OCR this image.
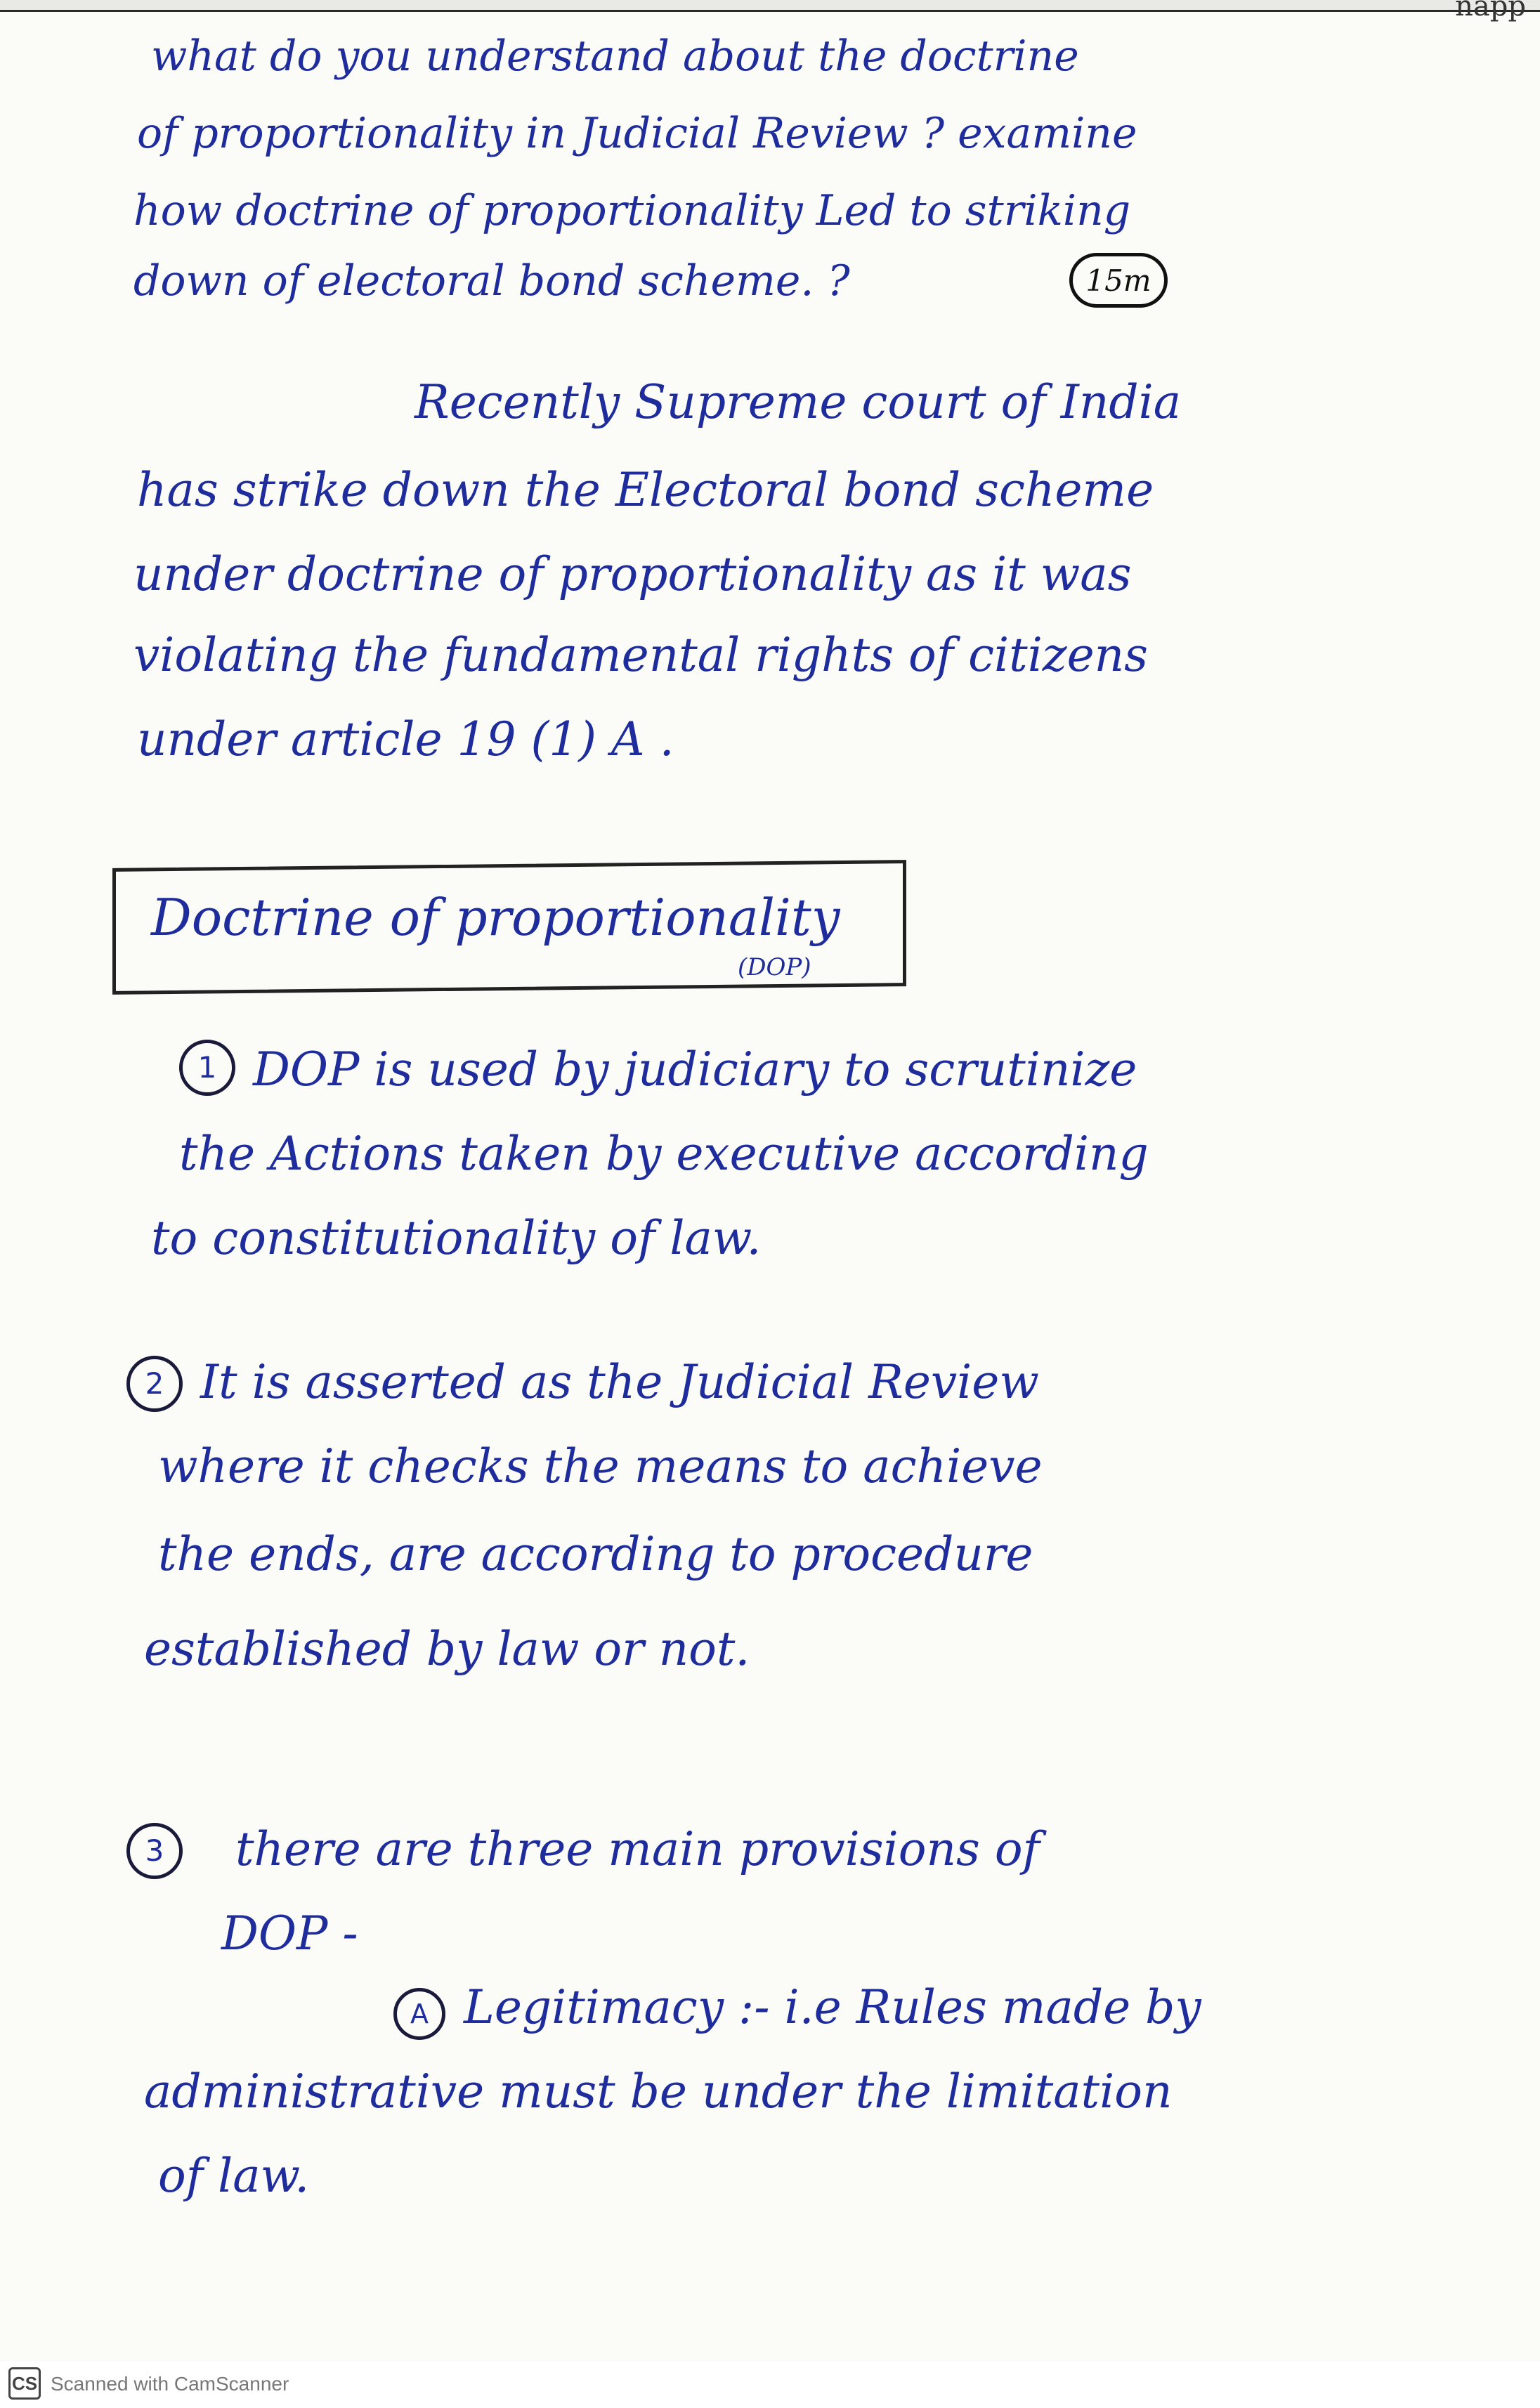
napp
what do you understand about the doctrine
of proportionality in Judicial Review ? examine
how doctrine of proportionality Led to striking
down of electoral bond scheme. ?	15m
Recently Supreme court of India
has strike down the Electoral bond scheme
under doctrine of proportionality as it was
violating the fundamental rights of citizens
under article 19 (1) A .
Doctrine of proportionality
(DOP)
1 DOP is used by judiciary to scrutinize
the Actions taken by executive according
to constitutionality of law.
2 It is asserted as the Judicial Review
where it checks the means to achieve
the ends, are according to procedure
established by law or not.
3 there are three main provisions of
DOP -
A Legitimacy :- i.e Rules made by
administrative must be under the limitation
of law.
CS Scanned with CamScanner
